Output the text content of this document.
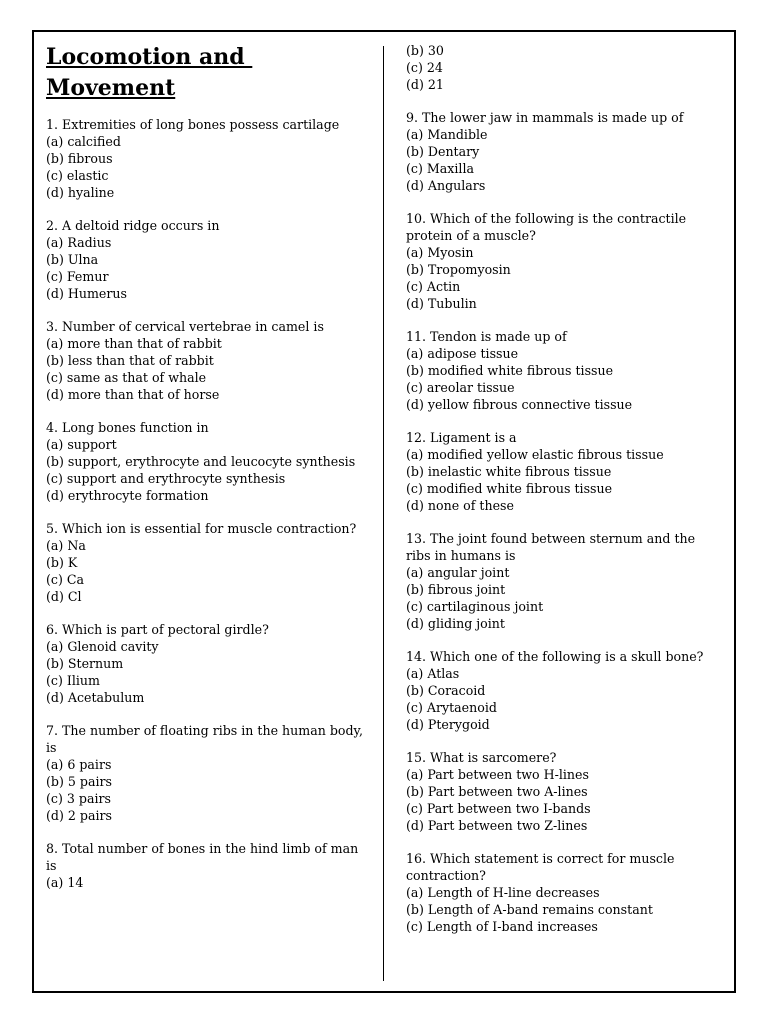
Locomotion and
Movement
1. Extremities of long bones possess cartilage
(a) calcified
(b) fibrous
(c) elastic
(d) hyaline
2. A deltoid ridge occurs in
(a) Radius
(b) Ulna
(c) Femur
(d) Humerus
3. Number of cervical vertebrae in camel is
(a) more than that of rabbit
(b) less than that of rabbit
(c) same as that of whale
(d) more than that of horse
4. Long bones function in
(a) support
(b) support, erythrocyte and leucocyte synthesis
(c) support and erythrocyte synthesis
(d) erythrocyte formation
5. Which ion is essential for muscle contraction?
(a) Na
(b) K
(c) Ca
(d) Cl
6. Which is part of pectoral girdle?
(a) Glenoid cavity
(b) Sternum
(c) Ilium
(d) Acetabulum
7. The number of floating ribs in the human body, is
(a) 6 pairs
(b) 5 pairs
(c) 3 pairs
(d) 2 pairs
8. Total number of bones in the hind limb of man is
(a) 14
(b) 30
(c) 24
(d) 21
9. The lower jaw in mammals is made up of
(a) Mandible
(b) Dentary
(c) Maxilla
(d) Angulars
10. Which of the following is the contractile protein of a muscle?
(a) Myosin
(b) Tropomyosin
(c) Actin
(d) Tubulin
11. Tendon is made up of
(a) adipose tissue
(b) modified white fibrous tissue
(c) areolar tissue
(d) yellow fibrous connective tissue
12. Ligament is a
(a) modified yellow elastic fibrous tissue
(b) inelastic white fibrous tissue
(c) modified white fibrous tissue
(d) none of these
13. The joint found between sternum and the ribs in humans is
(a) angular joint
(b) fibrous joint
(c) cartilaginous joint
(d) gliding joint
14. Which one of the following is a skull bone?
(a) Atlas
(b) Coracoid
(c) Arytaenoid
(d) Pterygoid
15. What is sarcomere?
(a) Part between two H-lines
(b) Part between two A-lines
(c) Part between two I-bands
(d) Part between two Z-lines
16. Which statement is correct for muscle contraction?
(a) Length of H-line decreases
(b) Length of A-band remains constant
(c) Length of I-band increases
